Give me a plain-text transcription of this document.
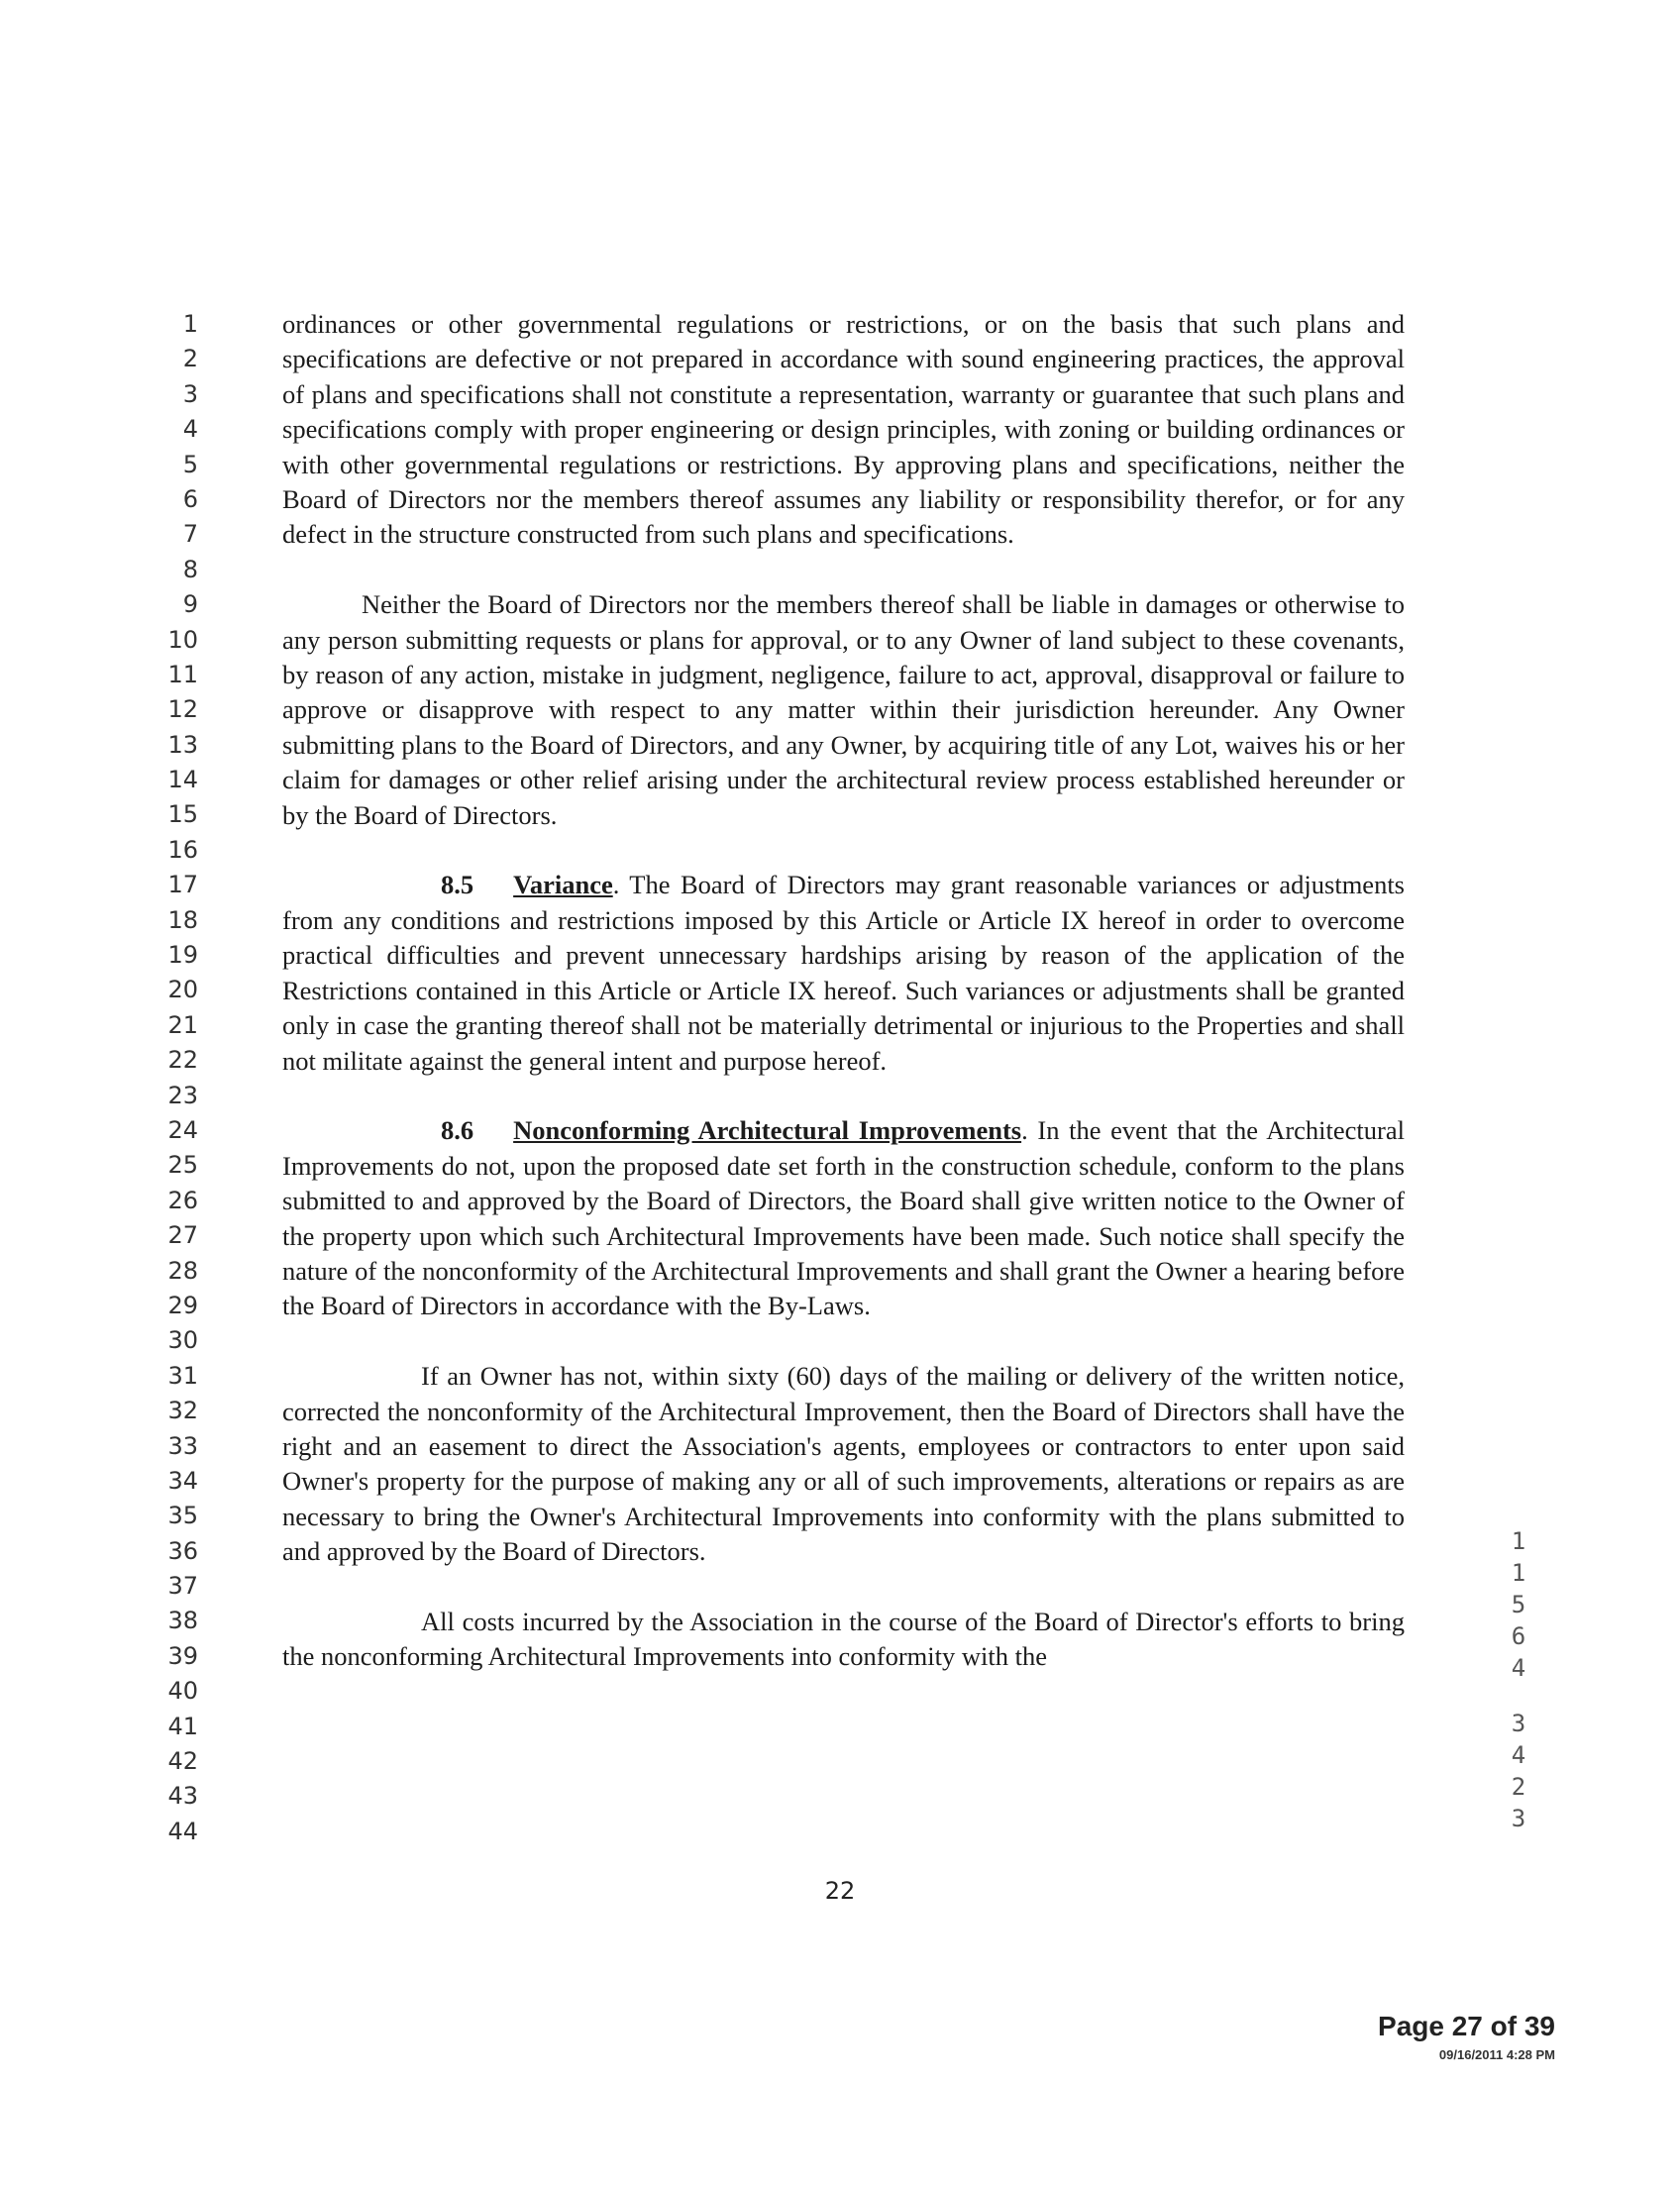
1
2
3
4
5
6
7
8
9
10
11
12
13
14
15
16
17
18
19
20
21
22
23
24
25
26
27
28
29
30
31
32
33
34
35
36
37
38
39
40
41
42
43
44

ordinances or other governmental regulations or restrictions, or on the basis that such plans and specifications are defective or not prepared in accordance with sound engineering practices, the approval of plans and specifications shall not constitute a representation, warranty or guarantee that such plans and specifications comply with proper engineering or design principles, with zoning or building ordinances or with other governmental regulations or restrictions. By approving plans and specifications, neither the Board of Directors nor the members thereof assumes any liability or responsibility therefor, or for any defect in the structure constructed from such plans and specifications.

Neither the Board of Directors nor the members thereof shall be liable in damages or otherwise to any person submitting requests or plans for approval, or to any Owner of land subject to these covenants, by reason of any action, mistake in judgment, negligence, failure to act, approval, disapproval or failure to approve or disapprove with respect to any matter within their jurisdiction hereunder. Any Owner submitting plans to the Board of Directors, and any Owner, by acquiring title of any Lot, waives his or her claim for damages or other relief arising under the architectural review process established hereunder or by the Board of Directors.

8.5 Variance. The Board of Directors may grant reasonable variances or adjustments from any conditions and restrictions imposed by this Article or Article IX hereof in order to overcome practical difficulties and prevent unnecessary hardships arising by reason of the application of the Restrictions contained in this Article or Article IX hereof. Such variances or adjustments shall be granted only in case the granting thereof shall not be materially detrimental or injurious to the Properties and shall not militate against the general intent and purpose hereof.

8.6 Nonconforming Architectural Improvements. In the event that the Architectural Improvements do not, upon the proposed date set forth in the construction schedule, conform to the plans submitted to and approved by the Board of Directors, the Board shall give written notice to the Owner of the property upon which such Architectural Improvements have been made. Such notice shall specify the nature of the nonconformity of the Architectural Improvements and shall grant the Owner a hearing before the Board of Directors in accordance with the By-Laws.

If an Owner has not, within sixty (60) days of the mailing or delivery of the written notice, corrected the nonconformity of the Architectural Improvement, then the Board of Directors shall have the right and an easement to direct the Association's agents, employees or contractors to enter upon said Owner's property for the purpose of making any or all of such improvements, alterations or repairs as are necessary to bring the Owner's Architectural Improvements into conformity with the plans submitted to and approved by the Board of Directors.

All costs incurred by the Association in the course of the Board of Director's efforts to bring the nonconforming Architectural Improvements into conformity with the

22
1
1
5
6
4
3
4
2
3
Page 27 of 39
09/16/2011 4:28 PM
